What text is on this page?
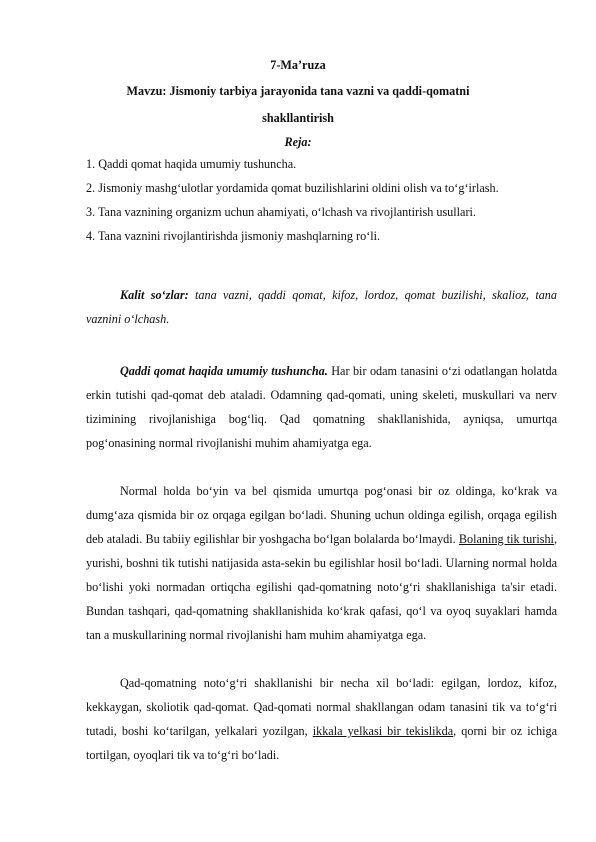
7-Ma’ruza
Mavzu: Jismoniy tarbiya jarayonida tana vazni va qaddi-qomatni
shakllantirish
Reja:
1. Qaddi qomat haqida umumiy tushuncha.
2. Jismoniy mashg‘ulotlar yordamida qomat buzilishlarini oldini olish va to‘g‘irlash.
3. Tana vaznining organizm uchun ahamiyati, o‘lchash va rivojlantirish usullari.
4. Tana vaznini rivojlantirishda jismoniy mashqlarning ro‘li.

Kalit so‘zlar: tana vazni, qaddi qomat, kifoz, lordoz, qomat buzilishi, skalioz, tana vaznini o‘lchash.

Qaddi qomat haqida umumiy tushuncha. Har bir odam tanasini o‘zi odatlangan holatda erkin tutishi qad-qomat deb ataladi. Odamning qad-qomati, uning skeleti, muskullari va nerv tizimining rivojlanishiga bog‘liq. Qad qomatning shakllanishida, ayniqsa, umurtqa pog‘onasining normal rivojlanishi muhim ahamiyatga ega.

Normal holda bo‘yin va bel qismida umurtqa pog‘onasi bir oz oldinga, ko‘krak va dumg‘aza qismida bir oz orqaga egilgan bo‘ladi. Shuning uchun oldinga egilish, orqaga egilish deb ataladi. Bu tabiiy egilishlar bir yoshgacha bo‘lgan bolalarda bo‘lmaydi. Bolaning tik turishi, yurishi, boshni tik tutishi natijasida asta-sekin bu egilishlar hosil bo‘ladi. Ularning normal holda bo‘lishi yoki normadan ortiqcha egilishi qad-qomatning noto‘g‘ri shakllanishiga ta'sir etadi. Bundan tashqari, qad-qomatning shakllanishida ko‘krak qafasi, qo‘l va oyoq suyaklari hamda tan a muskullarining normal rivojlanishi ham muhim ahamiyatga ega.

Qad-qomatning noto‘g‘ri shakllanishi bir necha xil bo‘ladi: egilgan, lordoz, kifoz, kekkaygan, skoliotik qad-qomat. Qad-qomati normal shakllangan odam tanasini tik va to‘g‘ri tutadi, boshi ko‘tarilgan, yelkalari yozilgan, ikkala yelkasi bir tekislikda, qorni bir oz ichiga tortilgan, oyoqlari tik va to‘g‘ri bo‘ladi.
